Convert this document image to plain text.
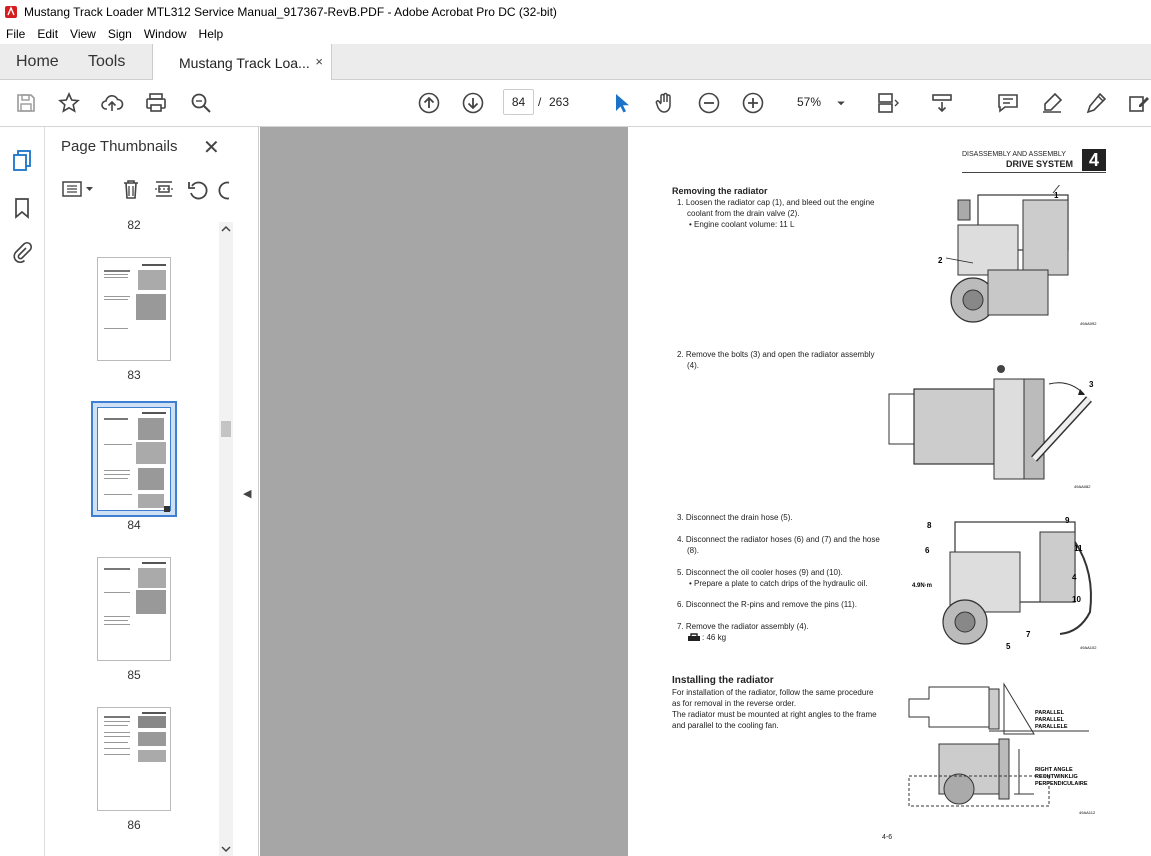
Mustang Track Loader MTL312 Service Manual_917367-RevB.PDF - Adobe Acrobat Pro DC (32-bit)
File Edit View Sign Window Help
Home Tools	Mustang Track Loa... ×
84	/ 263	57%
Page Thumbnails ✕
82
83
84
85
86
◀
DISASSEMBLY AND ASSEMBLY
DRIVE SYSTEM 4
Removing the radiator
1. Loosen the radiator cap (1), and bleed out the engine
coolant from the drain valve (2).
• Engine coolant volume: 11 L
2. Remove the bolts (3) and open the radiator assembly
(4).
3. Disconnect the drain hose (5).
4. Disconnect the radiator hoses (6) and (7) and the hose
(8).
5. Disconnect the oil cooler hoses (9) and (10).
• Prepare a plate to catch drips of the hydraulic oil.
6. Disconnect the R-pins and remove the pins (11).
7. Remove the radiator assembly (4).
: 46 kg
Installing the radiator
For installation of the radiator, follow the same procedure
as for removal in the reverse order.
The radiator must be mounted at right angles to the frame
and parallel to the cooling fan.
1
2
49AA092
3
49AA082
8
9
6	11
4.9N·m
4
10
7
5	49AA102
PARALLEL
PARALLEL
PARALLELE
RIGHT ANGLE
RECHTWINKLIG
PERPENDICULAIRE
49AA112
4-6
